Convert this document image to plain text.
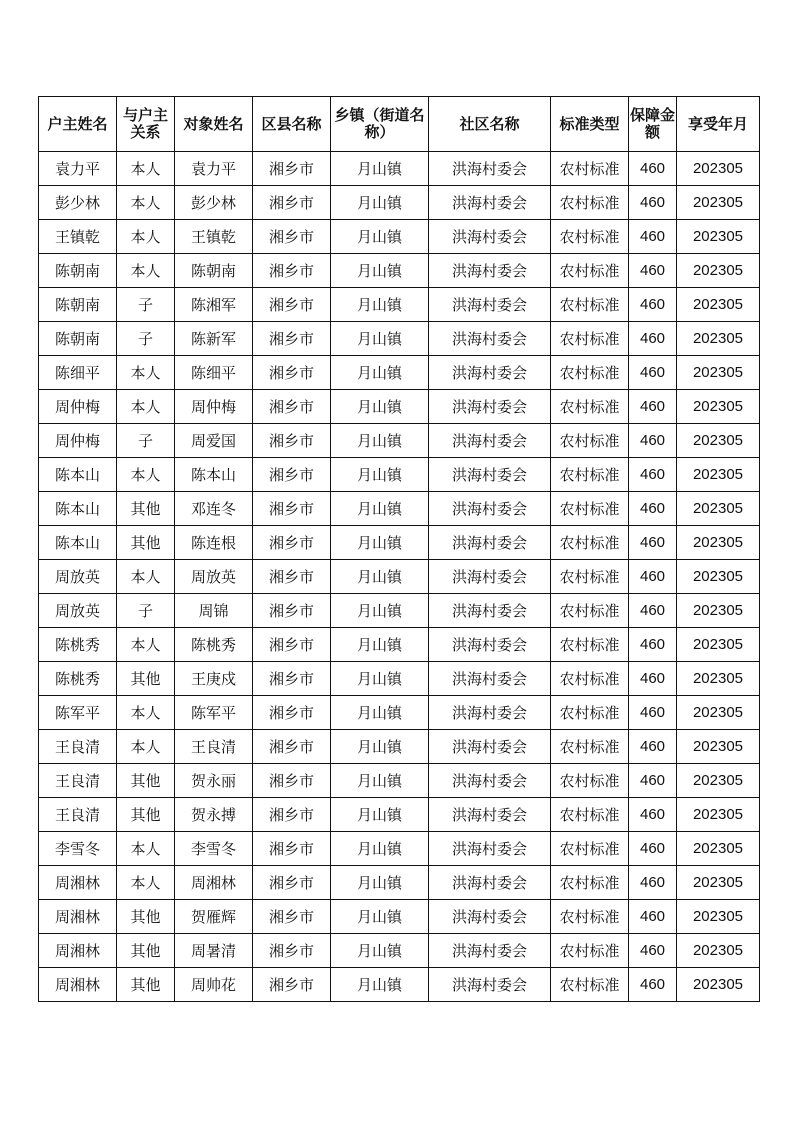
户主姓名	与户主关系	对象姓名	区县名称	乡镇（街道名称）	社区名称	标准类型	保障金额	享受年月
袁力平	本人	袁力平	湘乡市	月山镇	洪海村委会	农村标准	460	202305
彭少林	本人	彭少林	湘乡市	月山镇	洪海村委会	农村标准	460	202305
王镇乾	本人	王镇乾	湘乡市	月山镇	洪海村委会	农村标准	460	202305
陈朝南	本人	陈朝南	湘乡市	月山镇	洪海村委会	农村标准	460	202305
陈朝南	子	陈湘军	湘乡市	月山镇	洪海村委会	农村标准	460	202305
陈朝南	子	陈新军	湘乡市	月山镇	洪海村委会	农村标准	460	202305
陈细平	本人	陈细平	湘乡市	月山镇	洪海村委会	农村标准	460	202305
周仲梅	本人	周仲梅	湘乡市	月山镇	洪海村委会	农村标准	460	202305
周仲梅	子	周爱国	湘乡市	月山镇	洪海村委会	农村标准	460	202305
陈本山	本人	陈本山	湘乡市	月山镇	洪海村委会	农村标准	460	202305
陈本山	其他	邓连冬	湘乡市	月山镇	洪海村委会	农村标准	460	202305
陈本山	其他	陈连根	湘乡市	月山镇	洪海村委会	农村标准	460	202305
周放英	本人	周放英	湘乡市	月山镇	洪海村委会	农村标准	460	202305
周放英	子	周锦	湘乡市	月山镇	洪海村委会	农村标准	460	202305
陈桃秀	本人	陈桃秀	湘乡市	月山镇	洪海村委会	农村标准	460	202305
陈桃秀	其他	王庚戍	湘乡市	月山镇	洪海村委会	农村标准	460	202305
陈军平	本人	陈军平	湘乡市	月山镇	洪海村委会	农村标准	460	202305
王良清	本人	王良清	湘乡市	月山镇	洪海村委会	农村标准	460	202305
王良清	其他	贺永丽	湘乡市	月山镇	洪海村委会	农村标准	460	202305
王良清	其他	贺永搏	湘乡市	月山镇	洪海村委会	农村标准	460	202305
李雪冬	本人	李雪冬	湘乡市	月山镇	洪海村委会	农村标准	460	202305
周湘林	本人	周湘林	湘乡市	月山镇	洪海村委会	农村标准	460	202305
周湘林	其他	贺雁辉	湘乡市	月山镇	洪海村委会	农村标准	460	202305
周湘林	其他	周暑清	湘乡市	月山镇	洪海村委会	农村标准	460	202305
周湘林	其他	周帅花	湘乡市	月山镇	洪海村委会	农村标准	460	202305
